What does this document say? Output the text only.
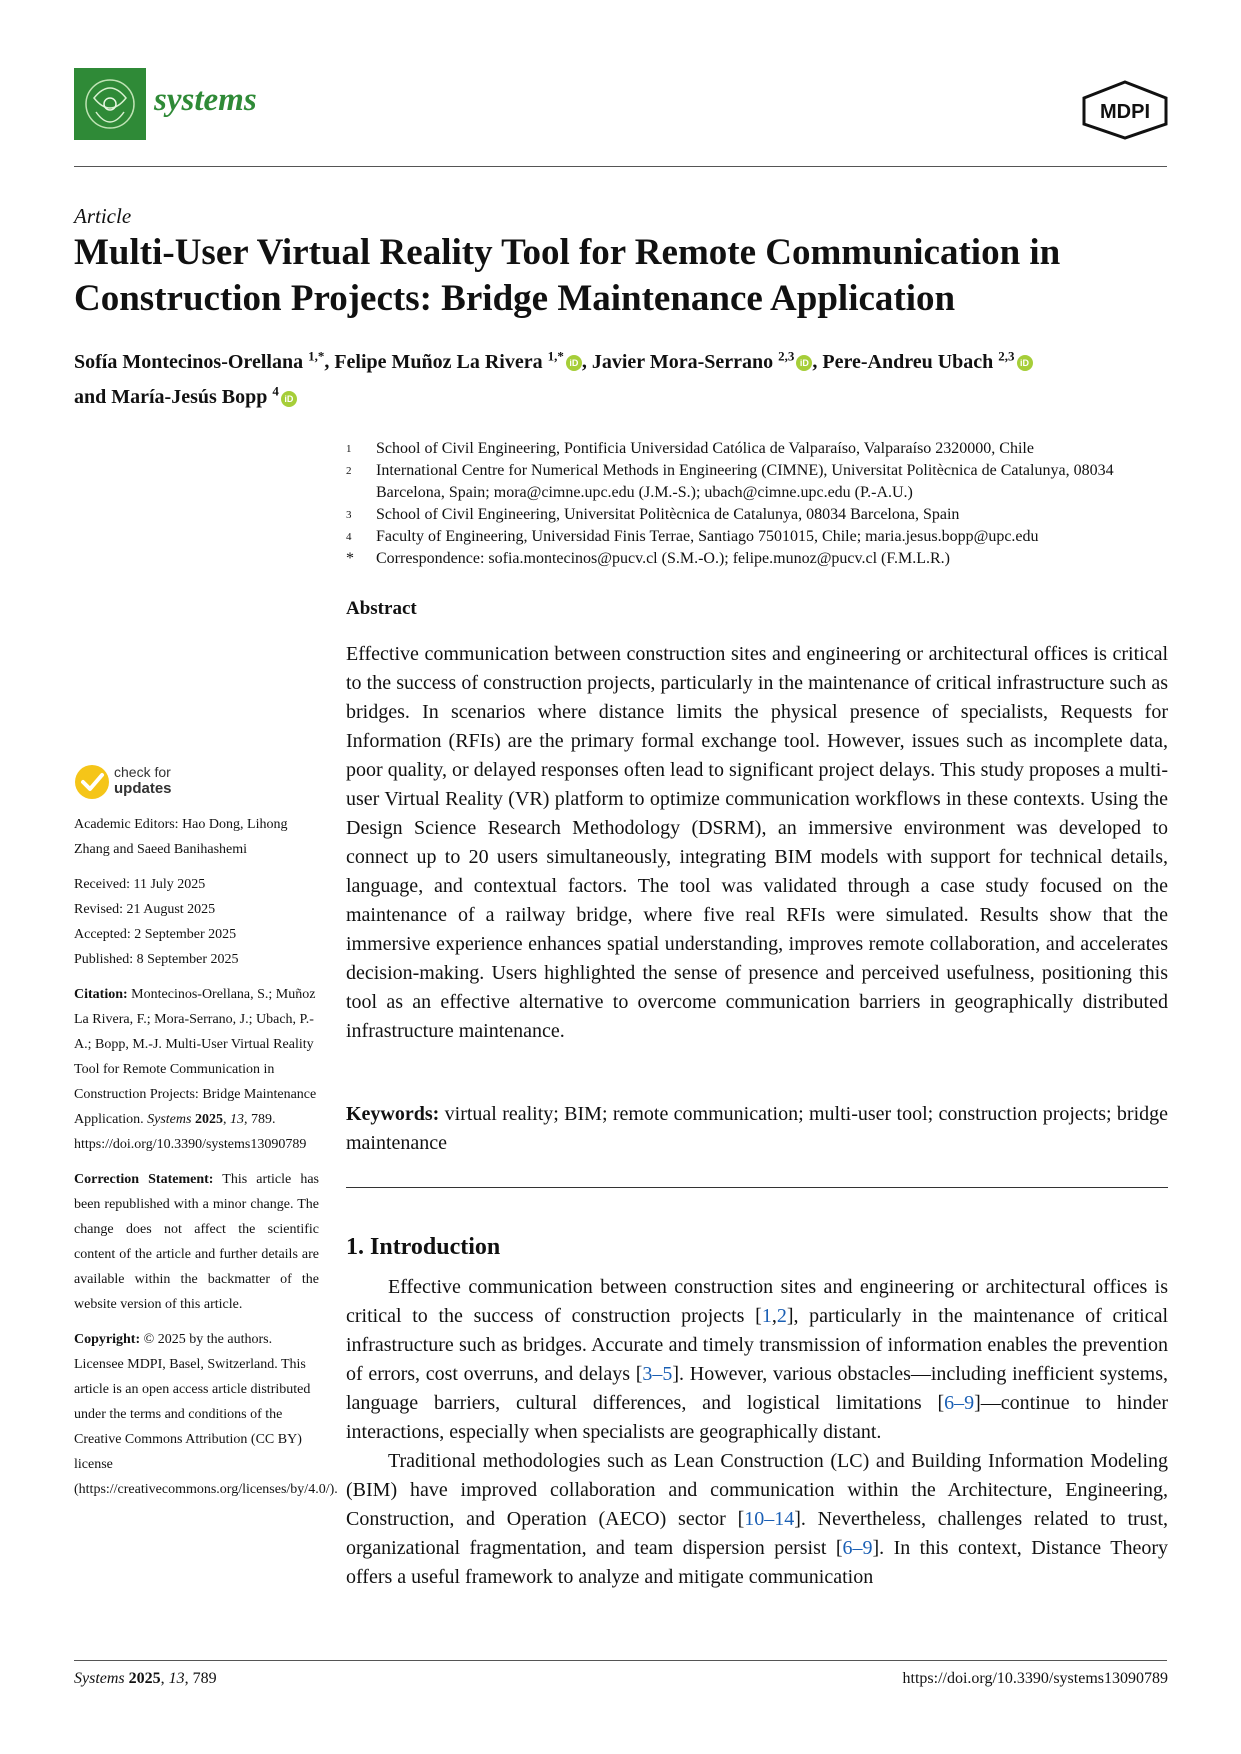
systems	MDPI
Article
Multi-User Virtual Reality Tool for Remote Communication in Construction Projects: Bridge Maintenance Application
Sofía Montecinos-Orellana $^{1,*}$, Felipe Muñoz La Rivera $^{1,*}$iD , Javier Mora-Serrano $^{2,3}$iD , Pere-Andreu Ubach $^{2,3}$iD
and María-Jesús Bopp $^4$iD
1	School of Civil Engineering, Pontificia Universidad Católica de Valparaíso, Valparaíso 2320000, Chile
2	International Centre for Numerical Methods in Engineering (CIMNE), Universitat Politècnica de Catalunya, 08034 Barcelona, Spain; mora@cimne.upc.edu (J.M.-S.); ubach@cimne.upc.edu (P.-A.U.)
3	School of Civil Engineering, Universitat Politècnica de Catalunya, 08034 Barcelona, Spain
4	Faculty of Engineering, Universidad Finis Terrae, Santiago 7501015, Chile; maria.jesus.bopp@upc.edu
*	Correspondence: sofia.montecinos@pucv.cl (S.M.-O.); felipe.munoz@pucv.cl (F.M.L.R.)
Abstract
Effective communication between construction sites and engineering or architectural offices is critical to the success of construction projects, particularly in the maintenance of critical infrastructure such as bridges. In scenarios where distance limits the physical presence of specialists, Requests for Information (RFIs) are the primary formal exchange tool. However, issues such as incomplete data, poor quality, or delayed responses often lead to significant project delays. This study proposes a multi-user Virtual Reality (VR) platform to optimize communication workflows in these contexts. Using the Design Science Research Methodology (DSRM), an immersive environment was developed to connect up to 20 users simultaneously, integrating BIM models with support for technical details, language, and contextual factors. The tool was validated through a case study focused on the maintenance of a railway bridge, where five real RFIs were simulated. Results show that the immersive experience enhances spatial understanding, improves remote collaboration, and accelerates decision-making. Users highlighted the sense of presence and perceived usefulness, positioning this tool as an effective alternative to overcome communication barriers in geographically distributed infrastructure maintenance.
Keywords: virtual reality; BIM; remote communication; multi-user tool; construction projects; bridge maintenance
1. Introduction

Effective communication between construction sites and engineering or architectural offices is critical to the success of construction projects [1,2], particularly in the maintenance of critical infrastructure such as bridges. Accurate and timely transmission of information enables the prevention of errors, cost overruns, and delays [3–5]. However, various obstacles—including inefficient systems, language barriers, cultural differences, and logistical limitations [6–9]—continue to hinder interactions, especially when specialists are geographically distant.

Traditional methodologies such as Lean Construction (LC) and Building Information Modeling (BIM) have improved collaboration and communication within the Architecture, Engineering, Construction, and Operation (AECO) sector [10–14]. Nevertheless, challenges related to trust, organizational fragmentation, and team dispersion persist [6–9]. In this context, Distance Theory offers a useful framework to analyze and mitigate communication

check for
updates
Academic Editors: Hao Dong, Lihong Zhang and Saeed Banihashemi
Received: 11 July 2025
Revised: 21 August 2025
Accepted: 2 September 2025
Published: 8 September 2025
Citation: Montecinos-Orellana, S.; Muñoz La Rivera, F.; Mora-Serrano, J.; Ubach, P.-A.; Bopp, M.-J. Multi-User Virtual Reality Tool for Remote Communication in Construction Projects: Bridge Maintenance Application. Systems 2025, 13, 789. https://doi.org/10.3390/systems13090789
Correction Statement: This article has been republished with a minor change. The change does not affect the scientific content of the article and further details are available within the backmatter of the website version of this article.
Copyright: © 2025 by the authors. Licensee MDPI, Basel, Switzerland. This article is an open access article distributed under the terms and conditions of the Creative Commons Attribution (CC BY) license (https://creativecommons.org/licenses/by/4.0/).
Systems 2025, 13, 789	https://doi.org/10.3390/systems13090789
